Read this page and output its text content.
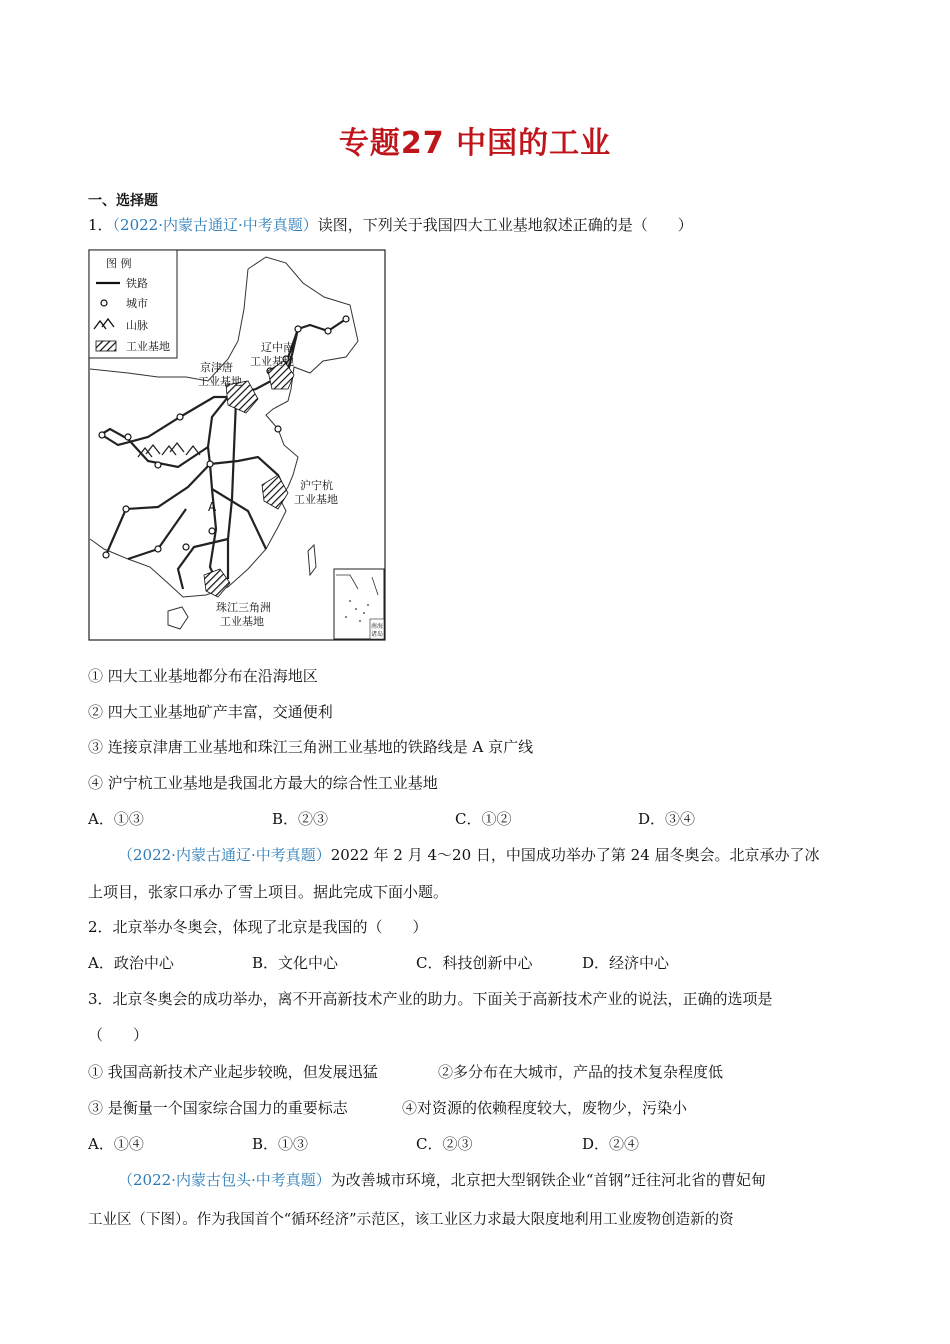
专题27 中国的工业
一、选择题
1．（2022·内蒙古通辽·中考真题）读图，下列关于我国四大工业基地叙述正确的是（　　）
辽中南
工业基地
京津唐
工业基地
沪宁杭
工业基地
珠江三角洲
工业基地
A
图 例
铁路
城市
山脉
工业基地
南海
诸岛
① 四大工业基地都分布在沿海地区
② 四大工业基地矿产丰富，交通便利
③ 连接京津唐工业基地和珠江三角洲工业基地的铁路线是 A 京广线
④ 沪宁杭工业基地是我国北方最大的综合性工业基地
A．①③	B．②③	C．①②	D．③④
（2022·内蒙古通辽·中考真题）2022 年 2 月 4～20 日，中国成功举办了第 24 届冬奥会。北京承办了冰
上项目，张家口承办了雪上项目。据此完成下面小题。
2．北京举办冬奥会，体现了北京是我国的（　　）
A．政治中心	B．文化中心	C．科技创新中心	D．经济中心
3．北京冬奥会的成功举办，离不开高新技术产业的助力。下面关于高新技术产业的说法，正确的选项是
（　　）
① 我国高新技术产业起步较晚，但发展迅猛	②多分布在大城市，产品的技术复杂程度低
③ 是衡量一个国家综合国力的重要标志	④对资源的依赖程度较大，废物少，污染小
A．①④	B．①③	C．②③	D．②④
（2022·内蒙古包头·中考真题）为改善城市环境，北京把大型钢铁企业“首钢”迁往河北省的曹妃甸
工业区（下图）。作为我国首个“循环经济”示范区，该工业区力求最大限度地利用工业废物创造新的资
